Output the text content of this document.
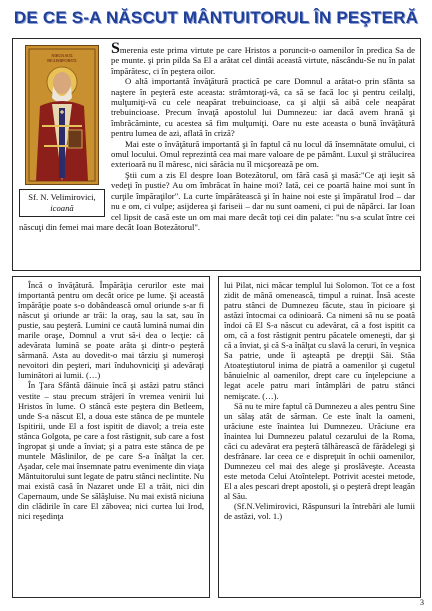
DE CE S-A NĂSCUT MÂNTUITORUL ÎN PEŞTERĂ
ΝΙΚΟΛΑΟΣ
ΒΕΛΙΜΙΡΟΒΙΤΣ
Sf. N. Velimirovici,
icoană

Smerenia este prima virtute pe care Hristos a poruncit-o oamenilor în predica Sa de pe munte. şi prin pilda Sa El a arătat cel dintâi această virtute, născându-Se nu în palat împărătesc, ci în peştera oilor.

O altă importantă învăţătură practică pe care Domnul a arătat-o prin sfânta sa naştere în peşteră este aceasta: strâmtoraţi-vă, ca să se facă loc şi pentru ceilalţi, mulţumiţi-vă cu cele neapărat trebuincioase, ca şi alţii să aibă cele neapărat trebuincioase. Precum învaţă apostolul lui Dumnezeu: iar dacă avem hrană şi îmbrăcăminte, cu acestea să fim mulţumiţi. Oare nu este aceasta o bună învăţătură pentru lumea de azi, aflată în criză?

Mai este o învăţătură importantă şi în faptul că nu locul dă însemnătate omului, ci omul locului. Omul reprezintă cea mai mare valoare de pe pământ. Luxul şi strălucirea exterioară nu îl măresc, nici sărăcia nu îl micşorează pe om.

Ştii cum a zis El despre Ioan Botezătorul, om fără casă şi masă:"Ce aţi ieşit să vedeţi în pustie? Au om îmbrăcat în haine moi? Iată, cei ce poartă haine moi sunt în curţile împăraţilor". La curte împărătească şi în haine noi este şi împăratul Irod – dar nu e om, ci vulpe; asijderea şi fariseii – dar nu sunt oameni, ci pui de năpârci. Iar Ioan cel lipsit de casă este un om mai mare decât toţi cei din palate: "nu s-a sculat între cei născuţi din femei mai mare decât Ioan Botezătorul".

Încă o învăţătură. Împărăţia cerurilor este mai importantă pentru om decât orice pe lume. Şi această împărăţie poate s-o dobândească omul oriunde s-ar fi născut şi oriunde ar trăi: la oraş, sau la sat, sau în pustie, sau peşteră. Lumini ce caută lumină numai din marile oraşe, Domnul a vrut să-i dea o lecţie: că adevărata lumină se poate arăta şi dintr-o peşteră sărmană. Asta au dovedit-o mai târziu şi numeroşi nevoitori din peşteri, mari înduhovniciţi şi adevăraţi luminători ai lumii. (…)

În Ţara Sfântă dăinuie încă şi astăzi patru stânci vestite – stau precum străjeri în vremea venirii lui Hristos în lume. O stâncă este peştera din Betleem, unde S-a născut El, a doua este stânca de pe muntele Ispitirii, unde El a fost ispitit de diavol; a treia este stânca Golgota, pe care a fost răstignit, sub care a fost îngropat şi unde a înviat; şi a patra este stânca de pe muntele Măslinilor, de pe care S-a înălţat la cer. Aşadar, cele mai însemnate patru evenimente din viaţa Mântuitorului sunt legate de patru stânci neclintite. Nu mai există casă în Nazaret unde El a trăit, nici din Capernaum, unde Se sălăşluise. Nu mai există niciuna din clădirile în care El zăbovea; nici curtea lui Irod, nici reşedinţa

lui Pilat, nici măcar templul lui Solomon. Tot ce a fost zidit de mână omenească, timpul a ruinat. Însă aceste patru stânci de Dumnezeu făcute, stau în picioare şi astăzi întocmai ca odinioară. Ca nimeni să nu se poată îndoi că El S-a născut cu adevărat, că a fost ispitit ca om, că a fost răstignit pentru păcatele omeneşti, dar şi că a înviat, şi că S-a înălţat cu slavă la ceruri, în veşnica Sa patrie, unde îi aşteaptă pe drepţii Săi. Stăa Atoateştiutorul inima de piatră a oamenilor şi cugetul bănuielnic al oamenilor, drept care cu înţelepciune a legat acele patru mari întâmplări de patru stânci nemişcate. (…).

Să nu te mire faptul că Dumnezeu a ales pentru Sine un sălaş atât de sărman. Ce este înalt la oameni, urăciune este înaintea lui Dumnezeu. Urăciune era înaintea lui Dumnezeu palatul cezarului de la Roma, căci cu adevărat era peşteră tâlhărească de fărădelegi şi desfrânare. Iar ceea ce e dispreţuit în ochii oamenilor, Dumnezeu cel mai des alege şi proslăveşte. Aceasta este metoda Celui Atoîntelept. Potrivit acestei metode, El a ales pescari drept apostoli, şi o peşteră drept leagăn al Său.

(Sf.N.Velimirovici, Răspunsuri la întrebări ale lumii de astăzi, vol. 1.)

3
